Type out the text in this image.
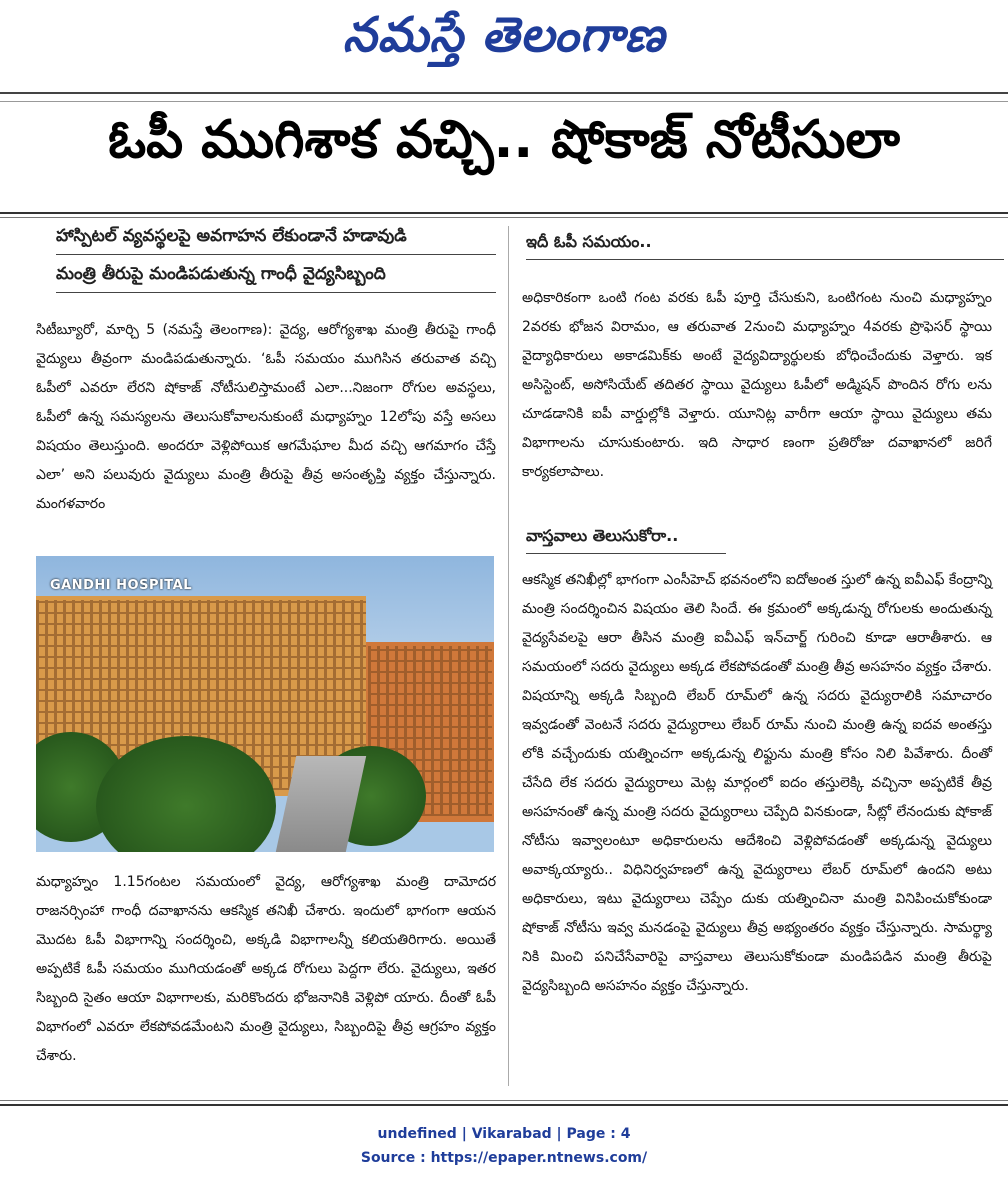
నమస్తే తెలంగాణ
ఓపీ ముగిశాక వచ్చి.. షోకాజ్ నోటీసులా
హాస్పిటల్ వ్యవస్థలపై అవగాహన లేకుండానే హడావుడి
మంత్రి తీరుపై మండిపడుతున్న గాంధీ వైద్యసిబ్బంది

సిటీబ్యూరో, మార్చి 5 (నమస్తే తెలంగాణ): వైద్య, ఆరోగ్యశాఖ మంత్రి తీరుపై గాంధీ వైద్యులు తీవ్రంగా మండిపడుతున్నారు. ‘ఓపీ సమయం ముగిసిన తరువాత వచ్చి ఓపీలో ఎవరూ లేరని షోకాజ్ నోటీసులిస్తామంటే ఎలా...నిజంగా రోగుల అవస్థలు, ఓపీలో ఉన్న సమస్యలను తెలుసుకోవాలనుకుంటే మధ్యాహ్నం 12లోపు వస్తే అసలు విషయం తెలుస్తుంది. అందరూ వెళ్లిపోయిక ఆగమేఘాల మీద వచ్చి ఆగమాగం చేస్తే ఎలా’ అని పలువురు వైద్యులు మంత్రి తీరుపై తీవ్ర అసంతృప్తి వ్యక్తం చేస్తున్నారు. మంగళవారం

GANDHI HOSPITAL

మధ్యాహ్నం 1.15గంటల సమయంలో వైద్య, ఆరోగ్యశాఖ మంత్రి దామోదర రాజనర్సింహా గాంధీ దవాఖానను ఆకస్మిక తనిఖీ చేశారు. ఇందులో భాగంగా ఆయన మొదట ఓపీ విభాగాన్ని సందర్శించి, అక్కడి విభాగాలన్నీ కలియతిరిగారు. అయితే అప్పటికే ఓపీ సమయం ముగియడంతో అక్కడ రోగులు పెద్దగా లేరు. వైద్యులు, ఇతర సిబ్బంది సైతం ఆయా విభాగాలకు, మరికొందరు భోజనానికి వెళ్లిపో యారు. దీంతో ఓపీ విభాగంలో ఎవరూ లేకపోవడమేంటని మంత్రి వైద్యులు, సిబ్బందిపై తీవ్ర ఆగ్రహం వ్యక్తం చేశారు.

ఇదీ ఓపీ సమయం..

అధికారికంగా ఒంటి గంట వరకు ఓపీ పూర్తి చేసుకుని, ఒంటిగంట నుంచి మధ్యాహ్నం 2వరకు భోజన విరామం, ఆ తరువాత 2నుంచి మధ్యాహ్నం 4వరకు ప్రొఫెసర్ స్థాయి వైద్యాధికారులు అకాడమిక్‌కు అంటే వైద్యవిద్యార్థులకు బోధించేందుకు వెళ్తారు. ఇక అసిస్టెంట్, అసోసియేట్ తదితర స్థాయి వైద్యులు ఓపీలో అడ్మిషన్ పొందిన రోగు లను చూడడానికి ఐపీ వార్డుల్లోకి వెళ్తారు. యూనిట్ల వారీగా ఆయా స్థాయి వైద్యులు తమ విభాగాలను చూసుకుంటారు. ఇది సాధార ణంగా ప్రతిరోజు దవాఖానలో జరిగే కార్యకలాపాలు.

వాస్తవాలు తెలుసుకోరా..

ఆకస్మిక తనిఖీల్లో భాగంగా ఎంసీహెచ్ భవనంలోని ఐదోఅంత స్తులో ఉన్న ఐవీఎఫ్ కేంద్రాన్ని మంత్రి సందర్శించిన విషయం తెలి సిందే. ఈ క్రమంలో అక్కడున్న రోగులకు అందుతున్న వైద్యసేవలపై ఆరా తీసిన మంత్రి ఐవీఎఫ్ ఇన్‌చార్జ్ గురించి కూడా ఆరాతీశారు. ఆ సమయంలో సదరు వైద్యులు అక్కడ లేకపోవడంతో మంత్రి తీవ్ర అసహనం వ్యక్తం చేశారు. విషయాన్ని అక్కడి సిబ్బంది లేబర్ రూమ్‌లో ఉన్న సదరు వైద్యురాలికి సమాచారం ఇవ్వడంతో వెంటనే సదరు వైద్యురాలు లేబర్ రూమ్ నుంచి మంత్రి ఉన్న ఐదవ అంతస్తు లోకి వచ్చేందుకు యత్నించగా అక్కడున్న లిఫ్టును మంత్రి కోసం నిలి పివేశారు. దీంతో చేసేది లేక సదరు వైద్యురాలు మెట్ల మార్గంలో ఐదం తస్తులెక్కి వచ్చినా అప్పటికే తీవ్ర అసహనంతో ఉన్న మంత్రి సదరు వైద్యురాలు చెప్పేది వినకుండా, సీట్లో లేనందుకు షోకాజ్ నోటీసు ఇవ్వాలంటూ అధికారులను ఆదేశించి వెళ్లిపోవడంతో అక్కడున్న వైద్యులు అవాక్కయ్యారు.. విధినిర్వహణలో ఉన్న వైద్యురాలు లేబర్ రూమ్‌లో ఉందని అటు అధికారులు, ఇటు వైద్యురాలు చెప్పేం దుకు యత్నించినా మంత్రి వినిపించుకోకుండా షోకాజ్ నోటీసు ఇవ్వ మనడంపై వైద్యులు తీవ్ర అభ్యంతరం వ్యక్తం చేస్తున్నారు. సామర్థ్యా నికి మించి పనిచేసేవారిపై వాస్తవాలు తెలుసుకోకుండా మండిపడిన మంత్రి తీరుపై వైద్యసిబ్బంది అసహనం వ్యక్తం చేస్తున్నారు.

undefined | Vikarabad | Page : 4
Source : https://epaper.ntnews.com/
